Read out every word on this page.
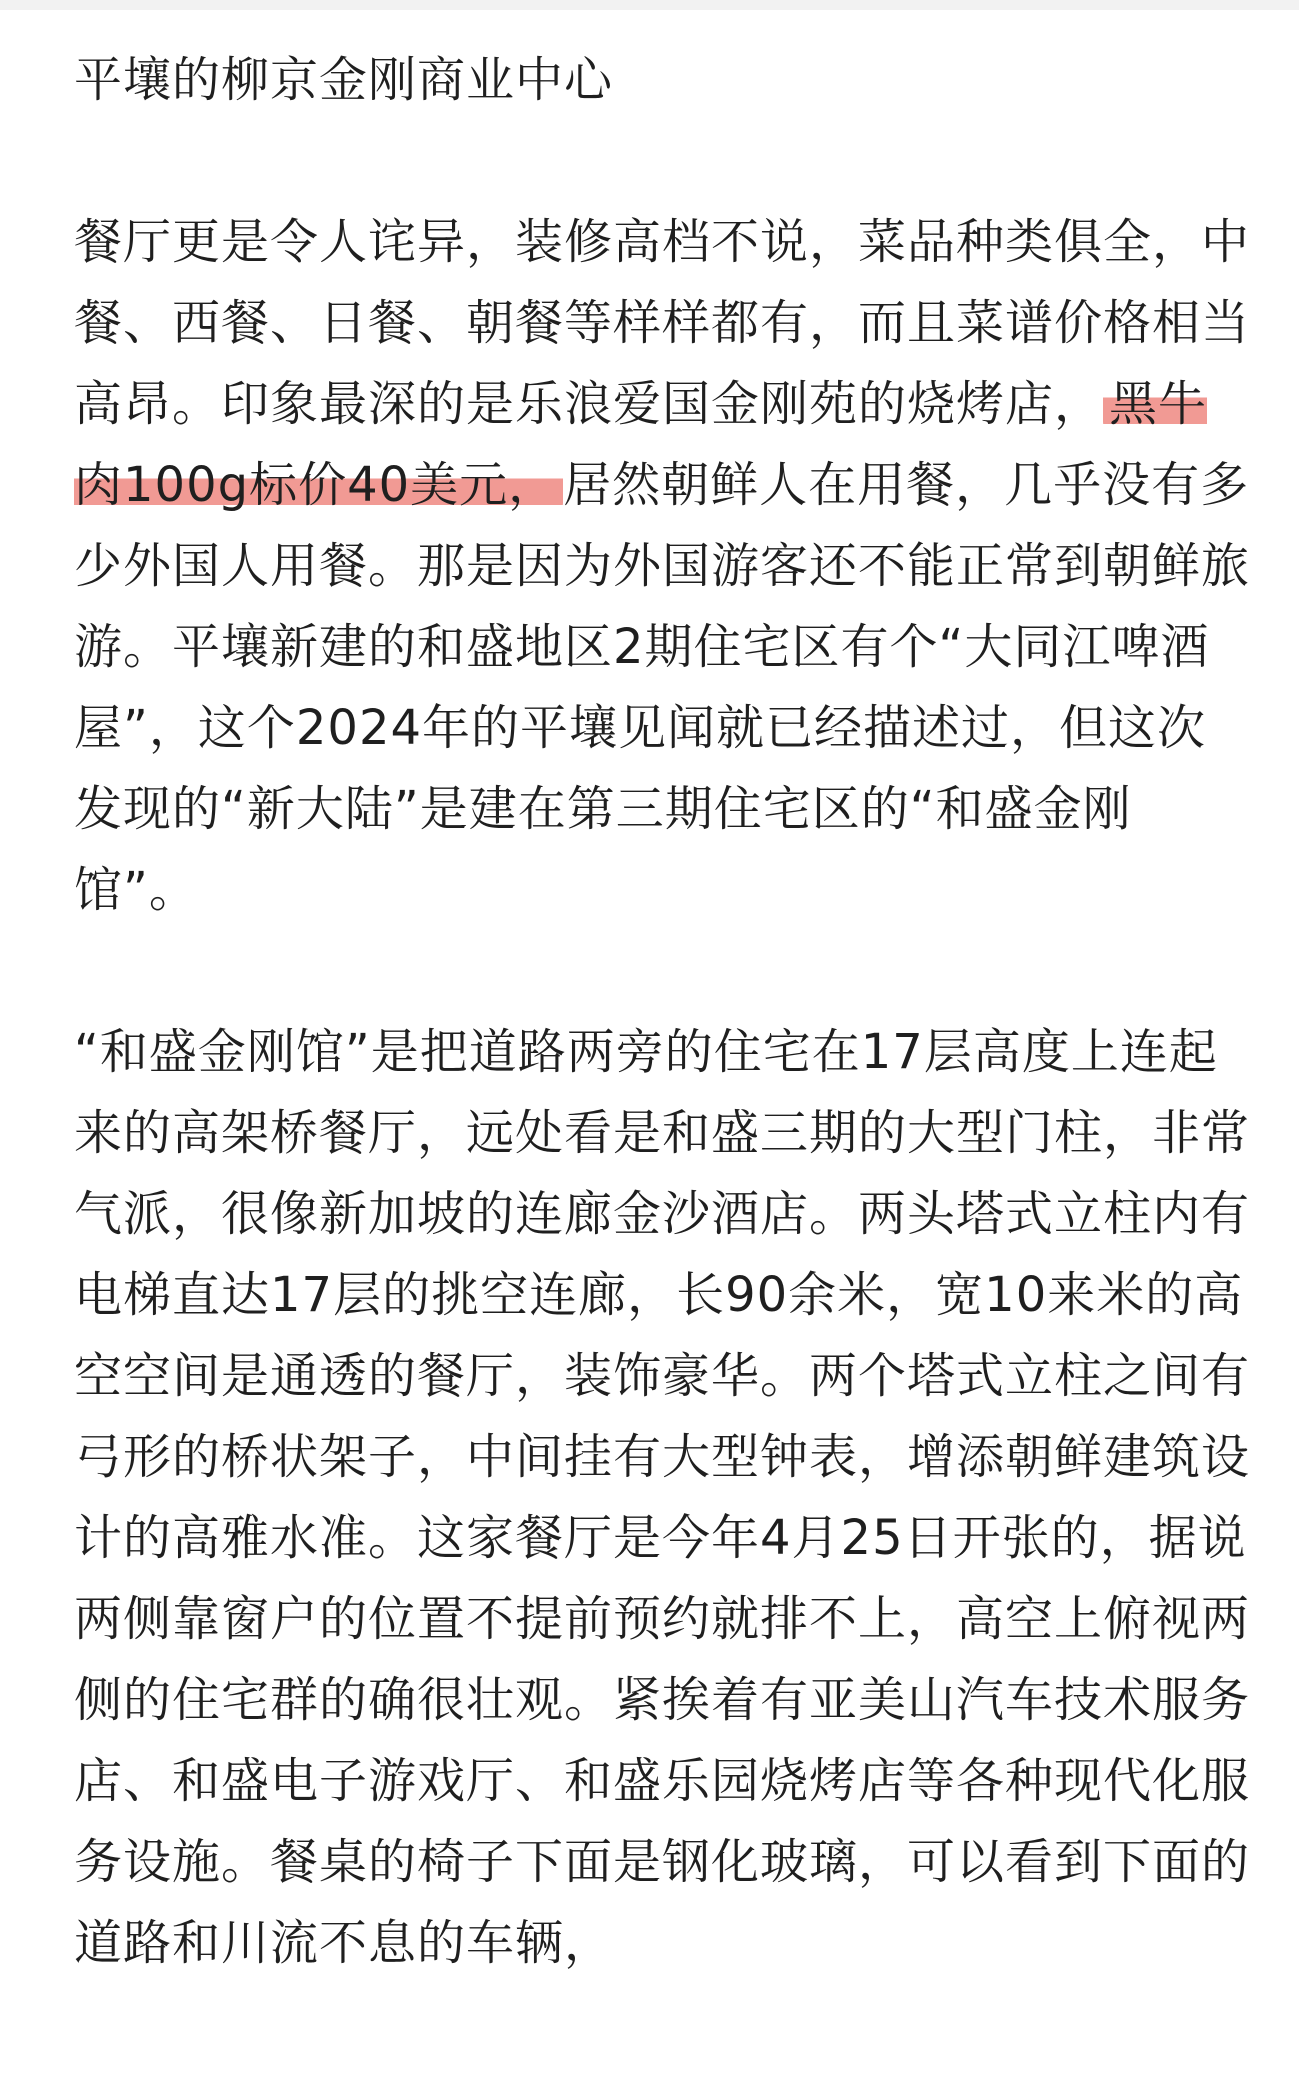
平壤的柳京金刚商业中心

餐厅更是令人诧异，装修高档不说，菜品种类俱全，中餐、西餐、日餐、朝餐等样样都有，而且菜谱价格相当高昂。印象最深的是乐浪爱国金刚苑的烧烤店， 黑牛肉100g标价40美元， 居然朝鲜人在用餐，几乎没有多少外国人用餐。那是因为外国游客还不能正常到朝鲜旅游。平壤新建的和盛地区2期住宅区有个“大同江啤酒屋”，这个2024年的平壤见闻就已经描述过，但这次发现的“新大陆”是建在第三期住宅区的“和盛金刚馆”。

“和盛金刚馆”是把道路两旁的住宅在17层高度上连起来的高架桥餐厅，远处看是和盛三期的大型门柱，非常气派，很像新加坡的连廊金沙酒店。两头塔式立柱内有电梯直达17层的挑空连廊，长90余米，宽10来米的高空空间是通透的餐厅，装饰豪华。两个塔式立柱之间有弓形的桥状架子，中间挂有大型钟表，增添朝鲜建筑设计的高雅水准。这家餐厅是今年4月25日开张的，据说两侧靠窗户的位置不提前预约就排不上，高空上俯视两侧的住宅群的确很壮观。紧挨着有亚美山汽车技术服务店、和盛电子游戏厅、和盛乐园烧烤店等各种现代化服务设施。餐桌的椅子下面是钢化玻璃，可以看到下面的道路和川流不息的车辆，
